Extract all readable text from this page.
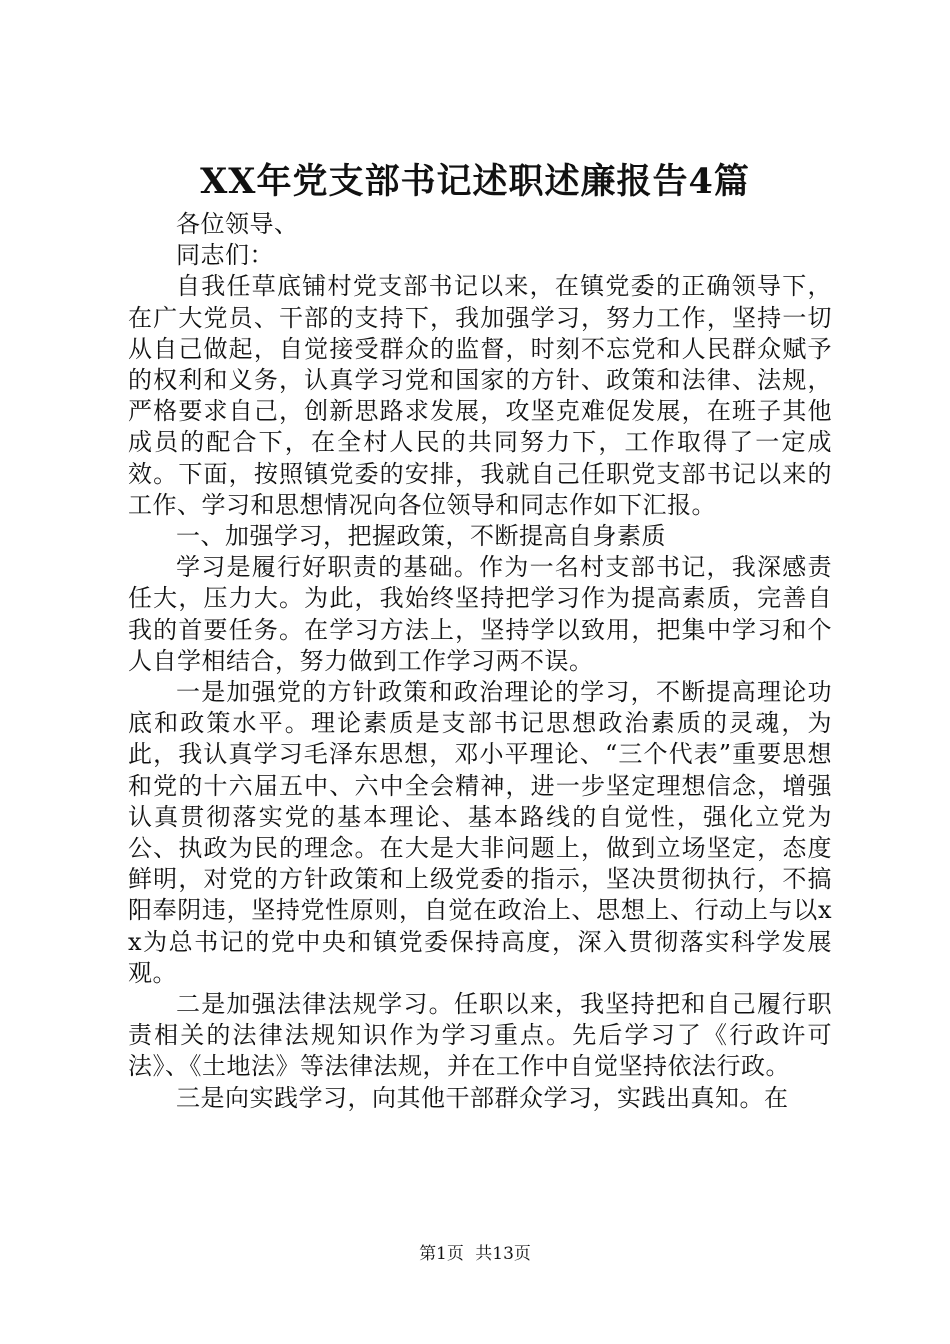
XX年党支部书记述职述廉报告4篇

各位领导、

同志们：

自我任草底铺村党支部书记以来，在镇党委的正确领导下，在广大党员、干部的支持下，我加强学习，努力工作，坚持一切从自己做起，自觉接受群众的监督，时刻不忘党和人民群众赋予的权利和义务，认真学习党和国家的方针、政策和法律、法规，严格要求自己，创新思路求发展，攻坚克难促发展，在班子其他成员的配合下，在全村人民的共同努力下，工作取得了一定成效。下面，按照镇党委的安排，我就自己任职党支部书记以来的工作、学习和思想情况向各位领导和同志作如下汇报。

一、加强学习，把握政策，不断提高自身素质

学习是履行好职责的基础。作为一名村支部书记，我深感责任大，压力大。为此，我始终坚持把学习作为提高素质，完善自我的首要任务。在学习方法上，坚持学以致用，把集中学习和个人自学相结合，努力做到工作学习两不误。

一是加强党的方针政策和政治理论的学习，不断提高理论功底和政策水平。理论素质是支部书记思想政治素质的灵魂，为此，我认真学习毛泽东思想，邓小平理论、“三个代表”重要思想和党的十六届五中、六中全会精神，进一步坚定理想信念，增强认真贯彻落实党的基本理论、基本路线的自觉性，强化立党为公、执政为民的理念。在大是大非问题上，做到立场坚定，态度鲜明，对党的方针政策和上级党委的指示，坚决贯彻执行，不搞阳奉阴违，坚持党性原则，自觉在政治上、思想上、行动上与以xx为总书记的党中央和镇党委保持高度，深入贯彻落实科学发展观。

二是加强法律法规学习。任职以来，我坚持把和自己履行职责相关的法律法规知识作为学习重点。先后学习了《行政许可法》、《土地法》等法律法规，并在工作中自觉坚持依法行政。

三是向实践学习，向其他干部群众学习，实践出真知。在

第1页 共13页
